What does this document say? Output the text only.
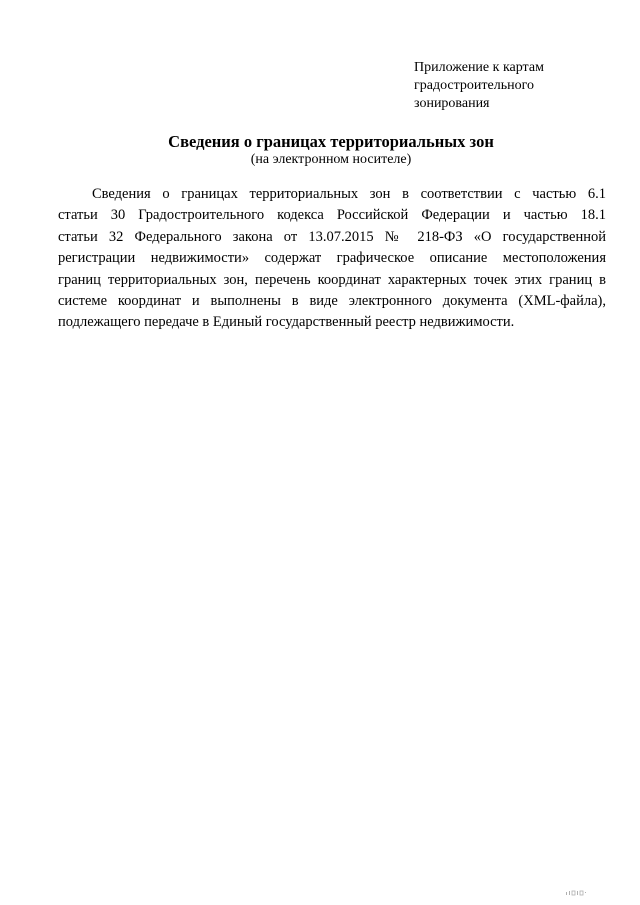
Приложение к картам
градостроительного
зонирования
Сведения о границах территориальных зон
(на электронном носителе)
Сведения о границах территориальных зон в соответствии с частью 6.1
статьи 30 Градостроительного кодекса Российской Федерации и частью 18.1
статьи 32 Федерального закона от 13.07.2015 № 218-ФЗ «О государственной
регистрации недвижимости» содержат графическое описание местоположения
границ территориальных зон, перечень координат характерных точек этих границ в
системе координат и выполнены в виде электронного документа (XML-файла),
подлежащего передаче в Единый государственный реестр недвижимости.
